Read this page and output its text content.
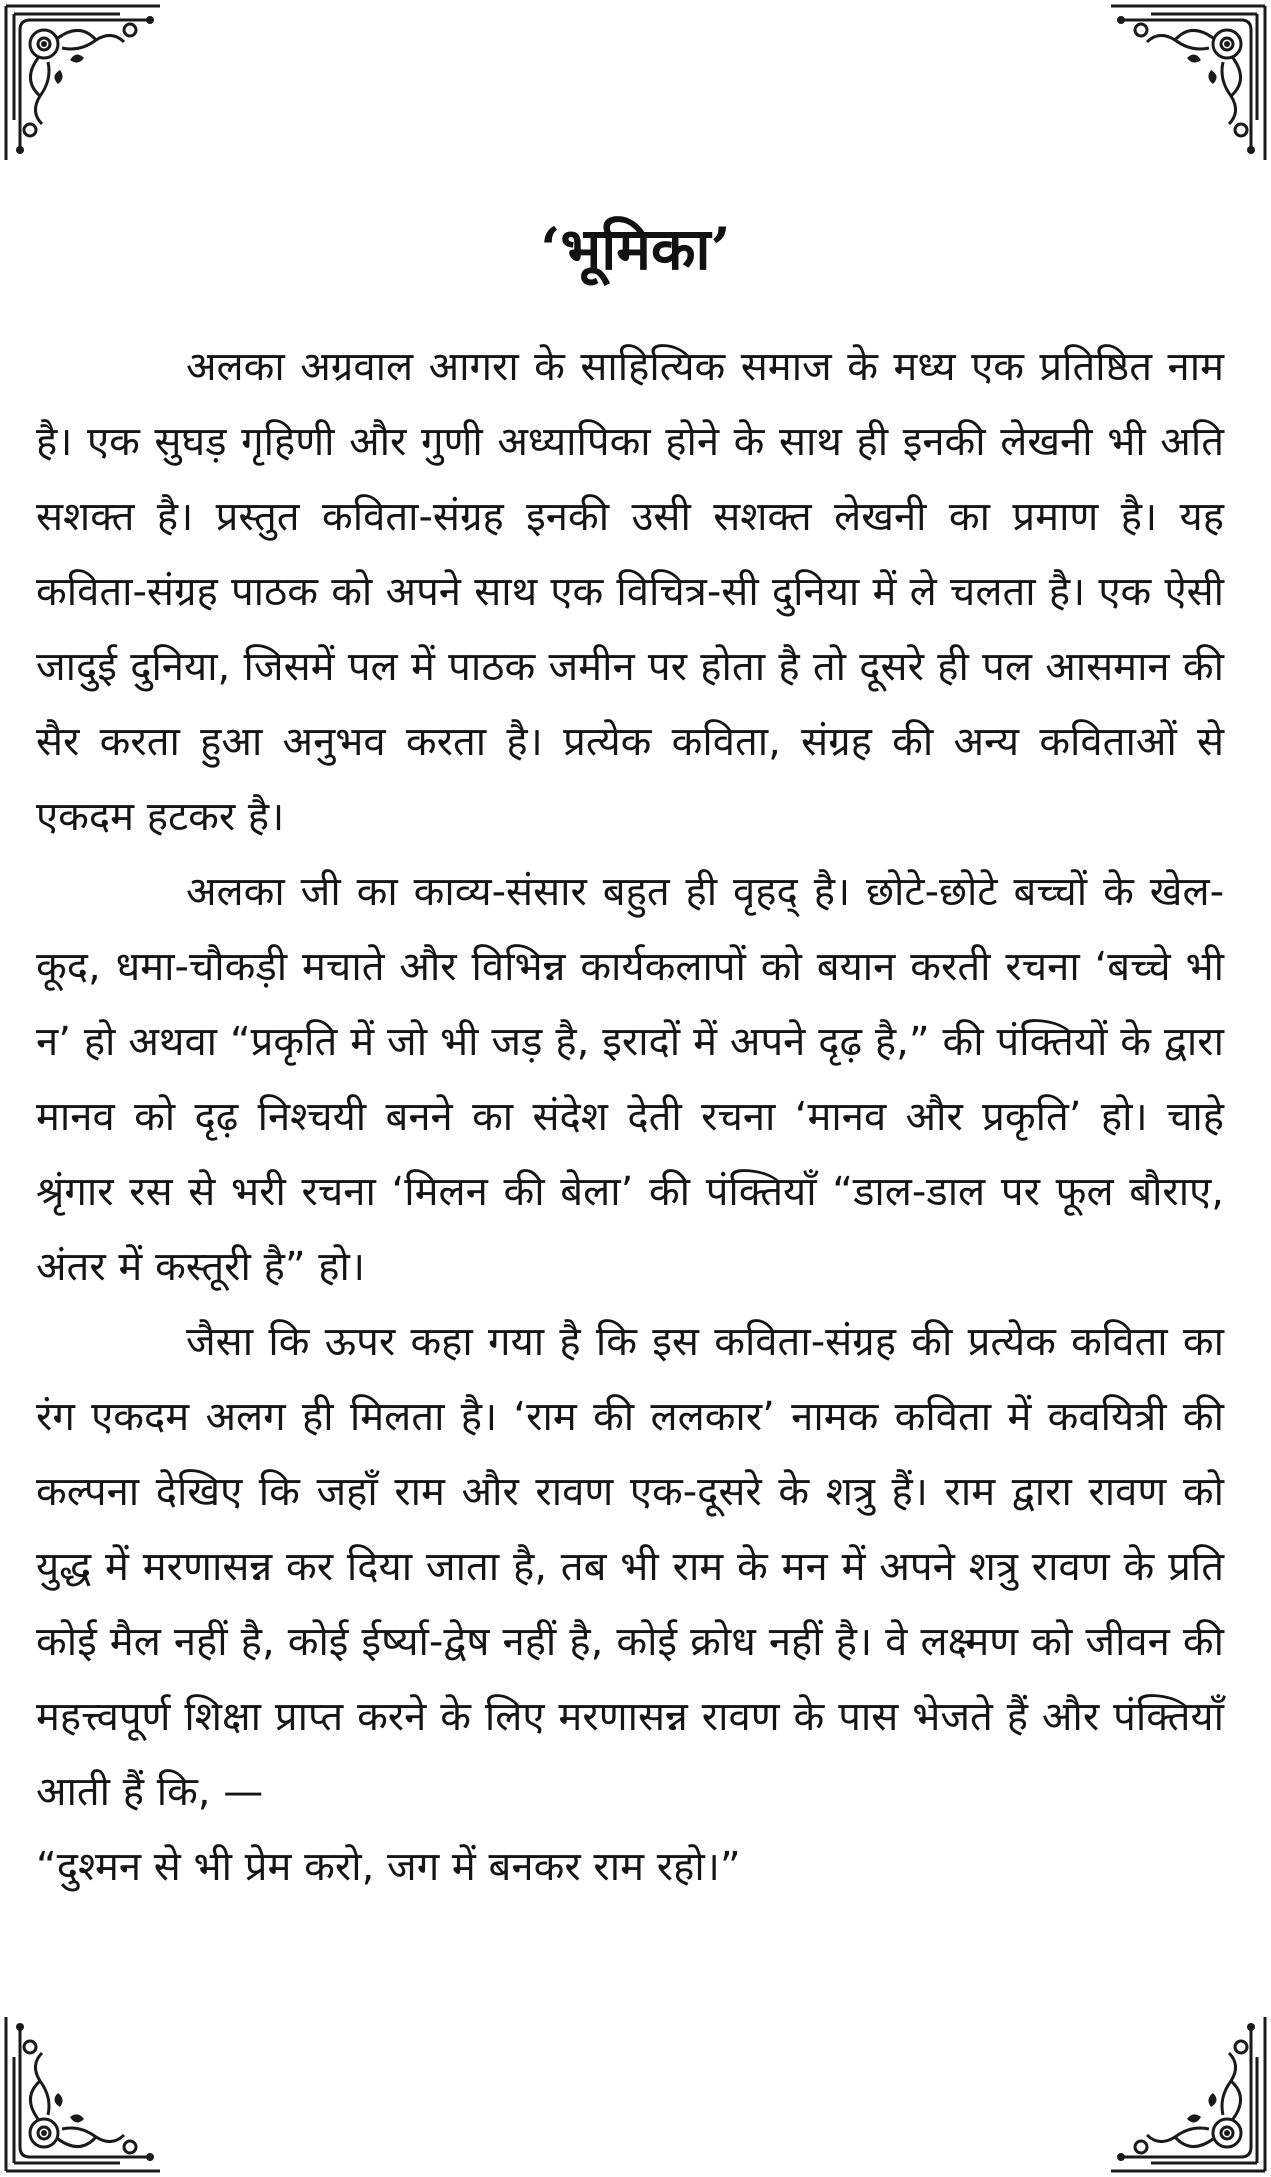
‘भूमिका’

अलका अग्रवाल आगरा के साहित्यिक समाज के मध्य एक प्रतिष्ठित नाम है। एक सुघड़ गृहिणी और गुणी अध्यापिका होने के साथ ही इनकी लेखनी भी अति सशक्त है। प्रस्तुत कविता-संग्रह इनकी उसी सशक्त लेखनी का प्रमाण है। यह कविता-संग्रह पाठक को अपने साथ एक विचित्र-सी दुनिया में ले चलता है। एक ऐसी जादुई दुनिया, जिसमें पल में पाठक जमीन पर होता है तो दूसरे ही पल आसमान की सैर करता हुआ अनुभव करता है। प्रत्येक कविता, संग्रह की अन्य कविताओं से एकदम हटकर है।

अलका जी का काव्य-संसार बहुत ही वृहद् है। छोटे-छोटे बच्चों के खेल-कूद, धमा-चौकड़ी मचाते और विभिन्न कार्यकलापों को बयान करती रचना ‘बच्चे भी न’ हो अथवा “प्रकृति में जो भी जड़ है, इरादों में अपने दृढ़ है,” की पंक्तियों के द्वारा मानव को दृढ़ निश्चयी बनने का संदेश देती रचना ‘मानव और प्रकृति’ हो। चाहे श्रृंगार रस से भरी रचना ‘मिलन की बेला’ की पंक्तियाँ “डाल-डाल पर फूल बौराए, अंतर में कस्तूरी है” हो।

जैसा कि ऊपर कहा गया है कि इस कविता-संग्रह की प्रत्येक कविता का रंग एकदम अलग ही मिलता है। ‘राम की ललकार’ नामक कविता में कवयित्री की कल्पना देखिए कि जहाँ राम और रावण एक-दूसरे के शत्रु हैं। राम द्वारा रावण को युद्ध में मरणासन्न कर दिया जाता है, तब भी राम के मन में अपने शत्रु रावण के प्रति कोई मैल नहीं है, कोई ईर्ष्या-द्वेष नहीं है, कोई क्रोध नहीं है। वे लक्ष्मण को जीवन की महत्त्वपूर्ण शिक्षा प्राप्त करने के लिए मरणासन्न रावण के पास भेजते हैं और पंक्तियाँ आती हैं कि, —

“दुश्मन से भी प्रेम करो, जग में बनकर राम रहो।”
